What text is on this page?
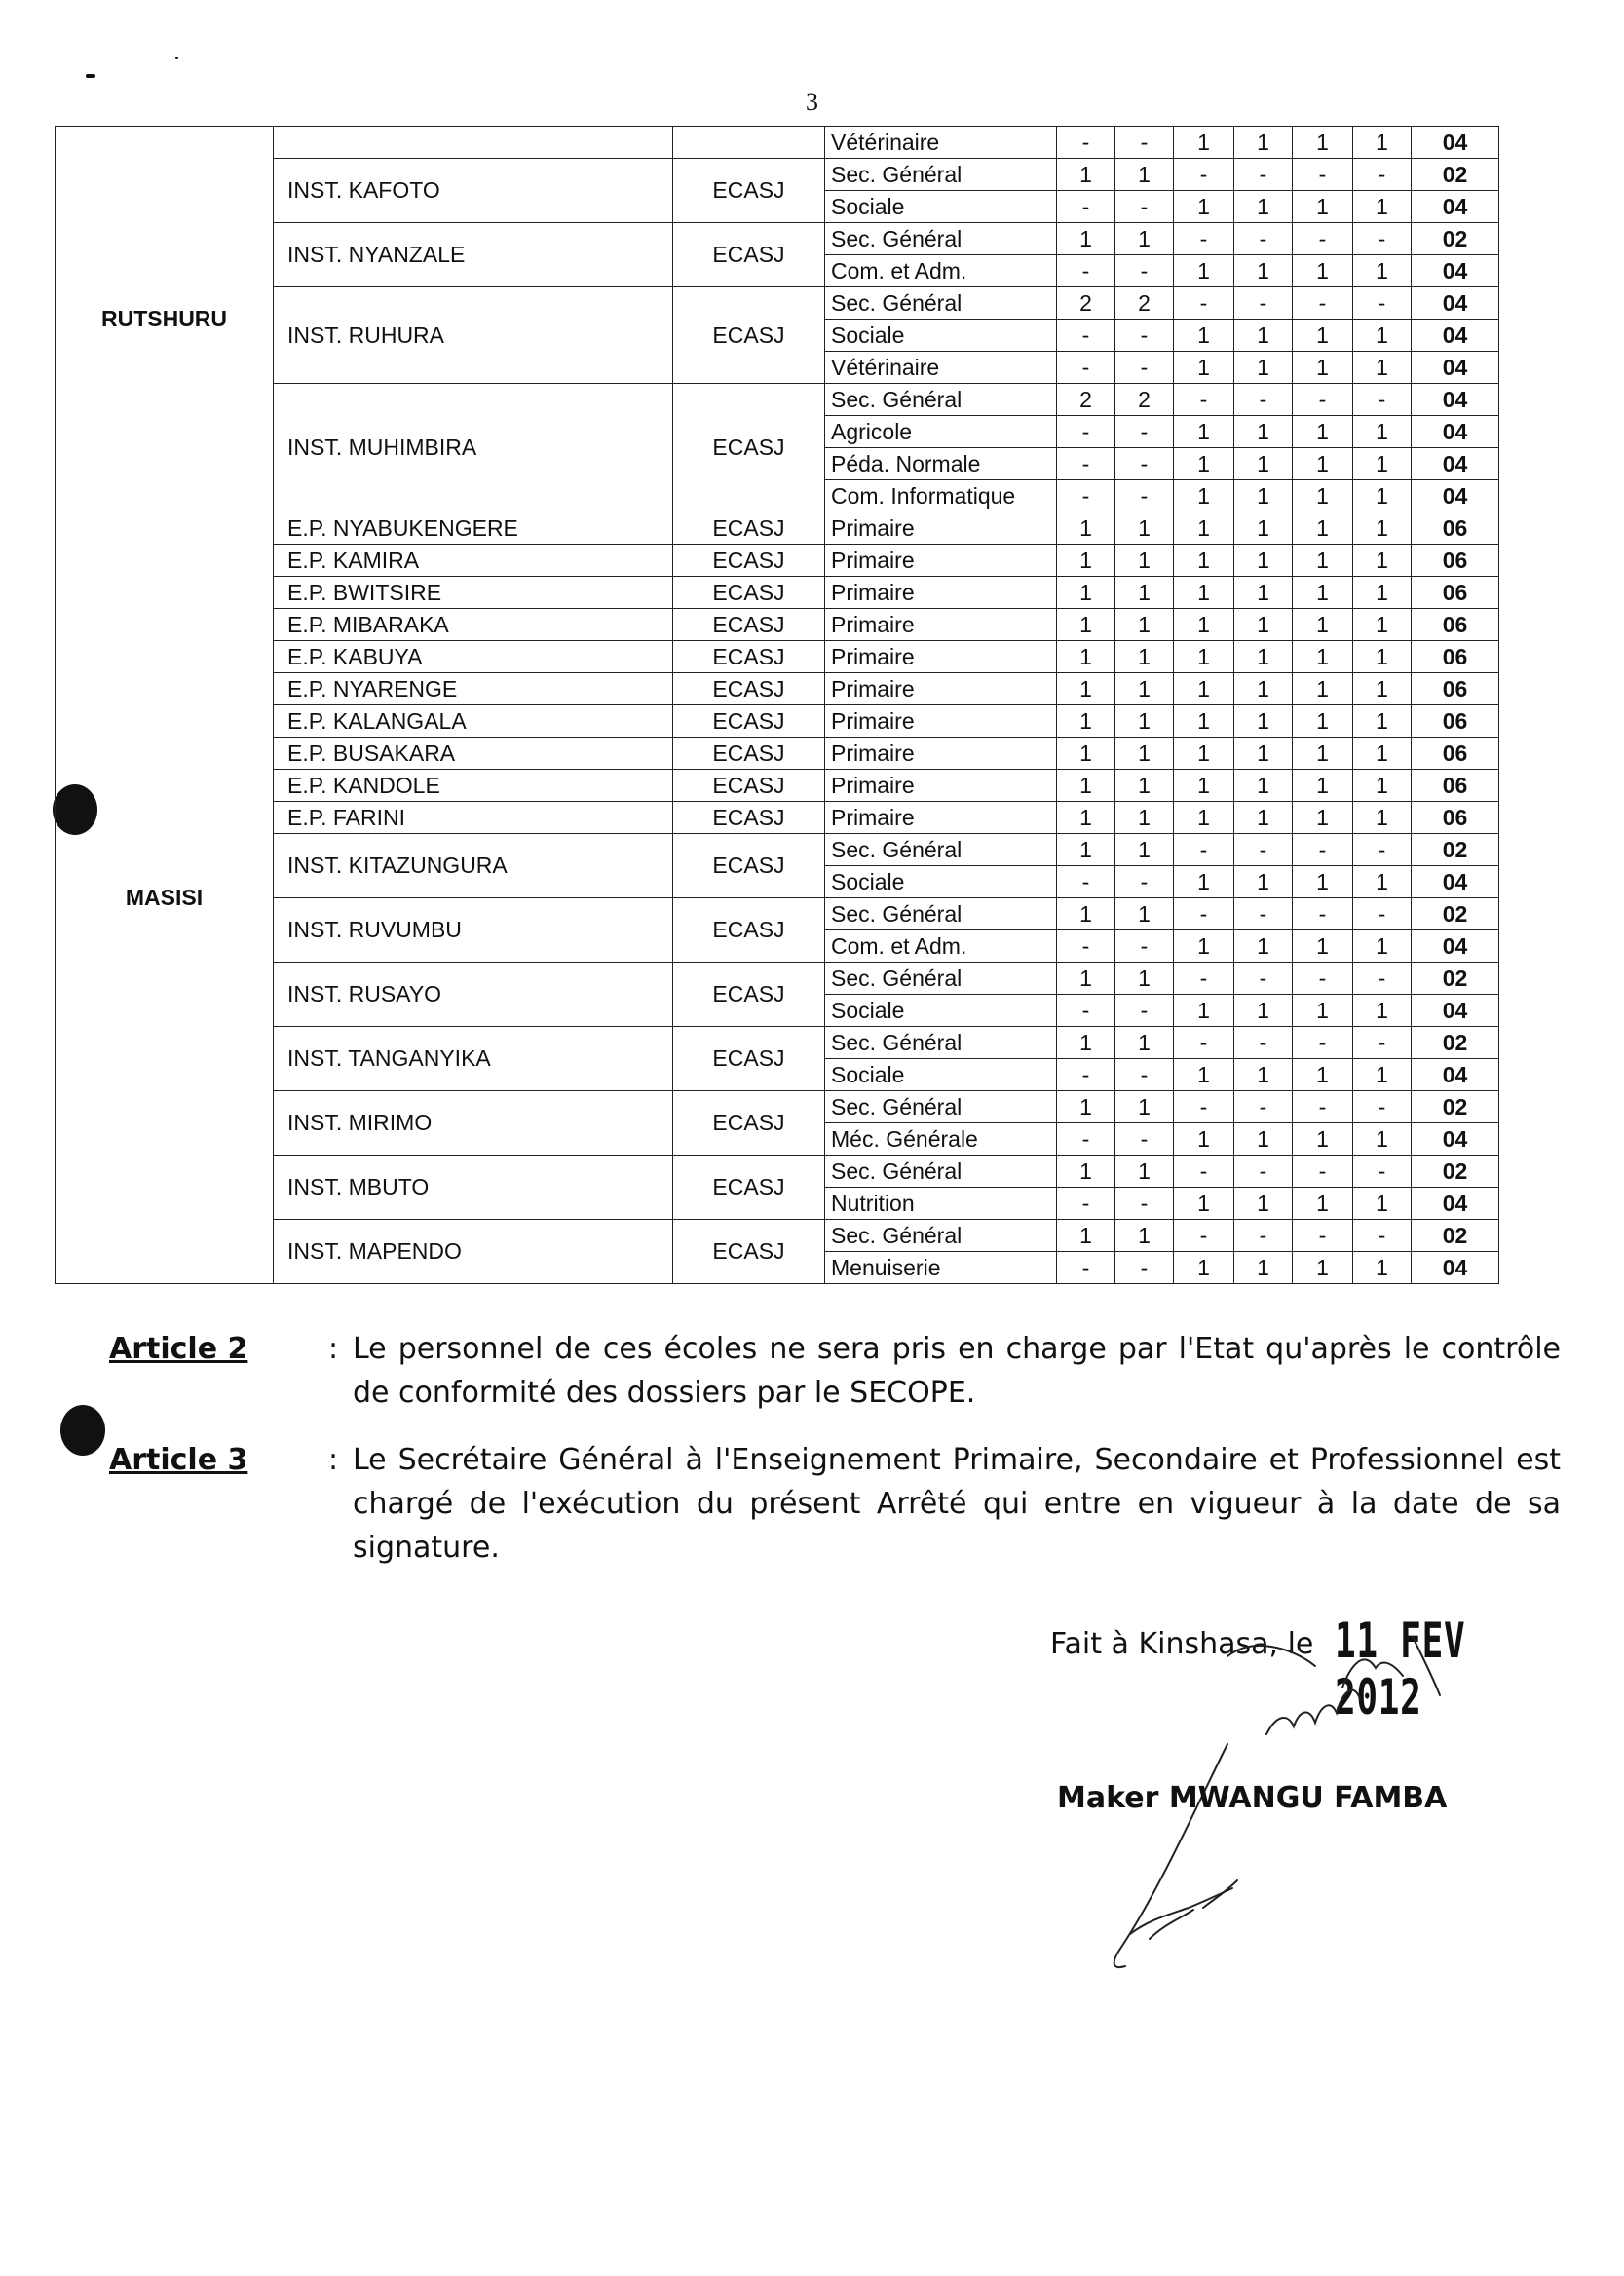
3
RUTSHURU			Vétérinaire	-	-	1	1	1	1	04
	INST. KAFOTO	ECASJ	Sec. Général	1	1	-	-	-	-	02
			Sociale	-	-	1	1	1	1	04
	INST. NYANZALE	ECASJ	Sec. Général	1	1	-	-	-	-	02
			Com. et Adm.	-	-	1	1	1	1	04
	INST. RUHURA	ECASJ	Sec. Général	2	2	-	-	-	-	04
			Sociale	-	-	1	1	1	1	04
			Vétérinaire	-	-	1	1	1	1	04
	INST. MUHIMBIRA	ECASJ	Sec. Général	2	2	-	-	-	-	04
			Agricole	-	-	1	1	1	1	04
			Péda. Normale	-	-	1	1	1	1	04
			Com. Informatique	-	-	1	1	1	1	04
MASISI	E.P. NYABUKENGERE	ECASJ	Primaire	1	1	1	1	1	1	06
	E.P. KAMIRA	ECASJ	Primaire	1	1	1	1	1	1	06
	E.P. BWITSIRE	ECASJ	Primaire	1	1	1	1	1	1	06
	E.P. MIBARAKA	ECASJ	Primaire	1	1	1	1	1	1	06
	E.P. KABUYA	ECASJ	Primaire	1	1	1	1	1	1	06
	E.P. NYARENGE	ECASJ	Primaire	1	1	1	1	1	1	06
	E.P. KALANGALA	ECASJ	Primaire	1	1	1	1	1	1	06
	E.P. BUSAKARA	ECASJ	Primaire	1	1	1	1	1	1	06
	E.P. KANDOLE	ECASJ	Primaire	1	1	1	1	1	1	06
	E.P. FARINI	ECASJ	Primaire	1	1	1	1	1	1	06
	INST. KITAZUNGURA	ECASJ	Sec. Général	1	1	-	-	-	-	02
			Sociale	-	-	1	1	1	1	04
	INST. RUVUMBU	ECASJ	Sec. Général	1	1	-	-	-	-	02
			Com. et Adm.	-	-	1	1	1	1	04
	INST. RUSAYO	ECASJ	Sec. Général	1	1	-	-	-	-	02
			Sociale	-	-	1	1	1	1	04
	INST. TANGANYIKA	ECASJ	Sec. Général	1	1	-	-	-	-	02
			Sociale	-	-	1	1	1	1	04
	INST. MIRIMO	ECASJ	Sec. Général	1	1	-	-	-	-	02
			Méc. Générale	-	-	1	1	1	1	04
	INST. MBUTO	ECASJ	Sec. Général	1	1	-	-	-	-	02
			Nutrition	-	-	1	1	1	1	04
	INST. MAPENDO	ECASJ	Sec. Général	1	1	-	-	-	-	02
			Menuiserie	-	-	1	1	1	1	04
Article 2	: Le personnel de ces écoles ne sera pris en charge par l'Etat qu'après le contrôle de conformité des dossiers par le SECOPE.
Article 3	: Le Secrétaire Général à l'Enseignement Primaire, Secondaire et Professionnel est chargé de l'exécution du présent Arrêté qui entre en vigueur à la date de sa signature.
Fait à Kinshasa, le 11 FEV 2012
Maker MWANGU FAMBA
